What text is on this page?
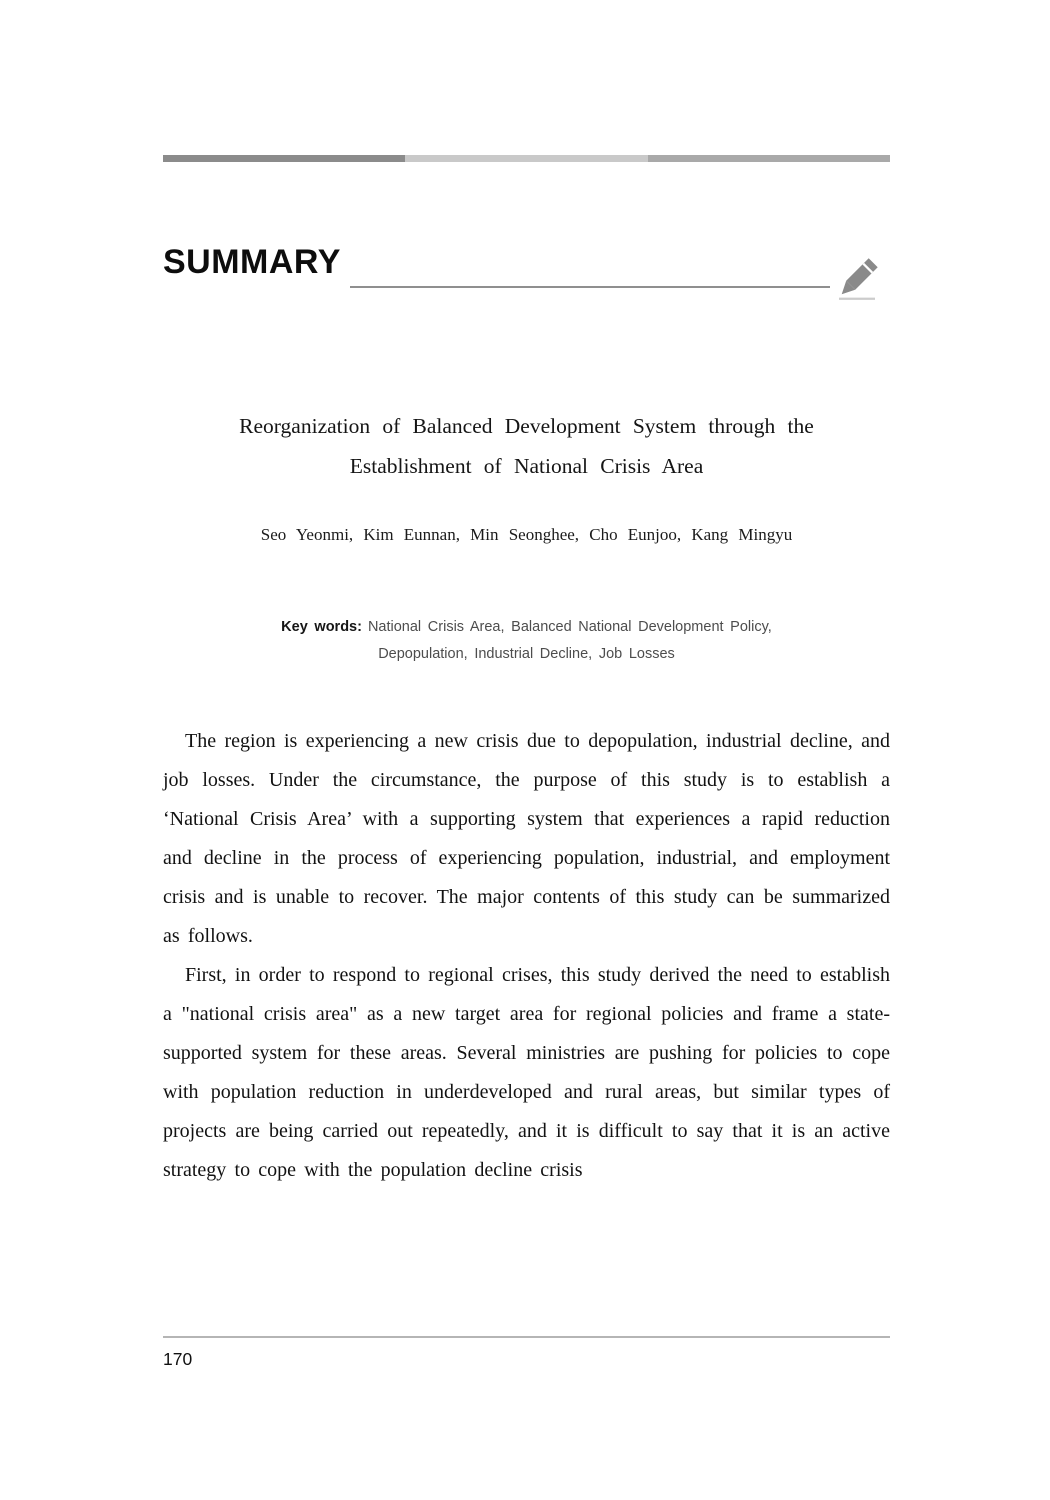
SUMMARY
Reorganization of Balanced Development System through the
Establishment of National Crisis Area
Seo Yeonmi, Kim Eunnan, Min Seonghee, Cho Eunjoo, Kang Mingyu
Key words: National Crisis Area, Balanced National Development Policy,
Depopulation, Industrial Decline, Job Losses

The region is experiencing a new crisis due to depopulation, industrial decline, and job losses. Under the circumstance, the purpose of this study is to establish a ‘National Crisis Area’ with a supporting system that experiences a rapid reduction and decline in the process of experiencing population, industrial, and employment crisis and is unable to recover. The major contents of this study can be summarized as follows.

First, in order to respond to regional crises, this study derived the need to establish a "national crisis area" as a new target area for regional policies and frame a state-supported system for these areas. Several ministries are pushing for policies to cope with population reduction in underdeveloped and rural areas, but similar types of projects are being carried out repeatedly, and it is difficult to say that it is an active strategy to cope with the population decline crisis

170
